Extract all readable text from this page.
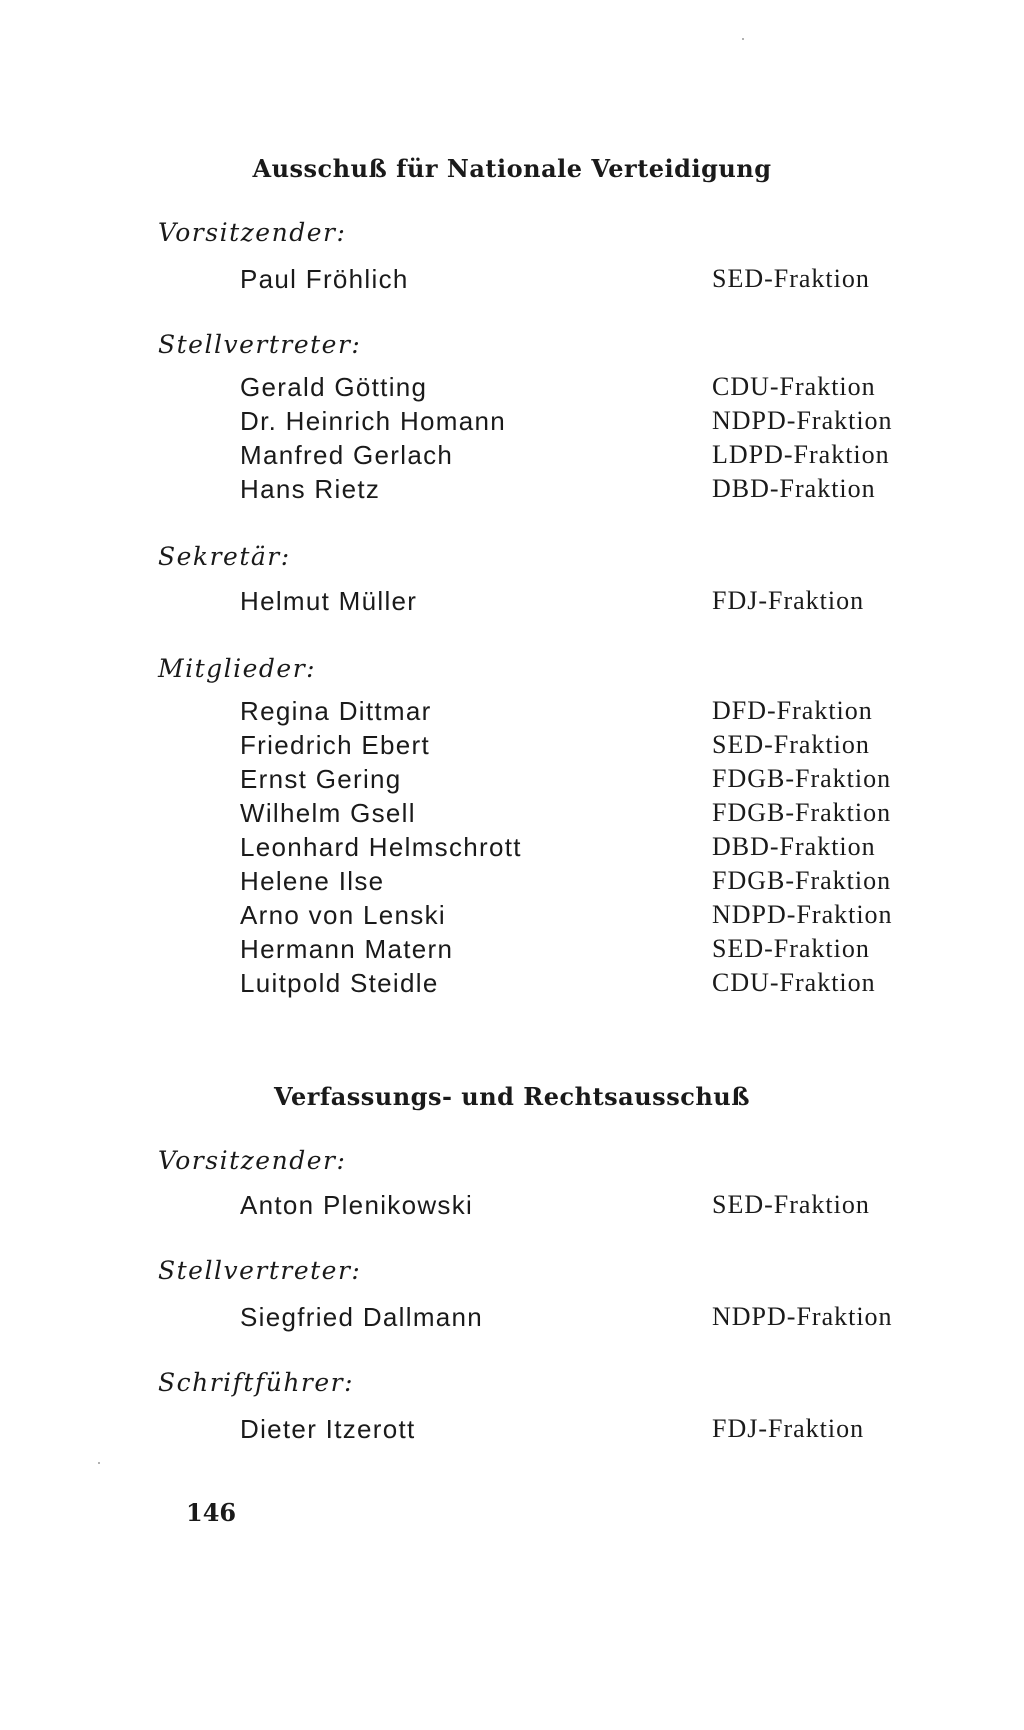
Ausschuß für Nationale Verteidigung
Vorsitzender:
Paul Fröhlich	SED-Fraktion
Stellvertreter:
Gerald Götting	CDU-Fraktion
Dr. Heinrich Homann	NDPD-Fraktion
Manfred Gerlach	LDPD-Fraktion
Hans Rietz	DBD-Fraktion
Sekretär:
Helmut Müller	FDJ-Fraktion
Mitglieder:
Regina Dittmar	DFD-Fraktion
Friedrich Ebert	SED-Fraktion
Ernst Gering	FDGB-Fraktion
Wilhelm Gsell	FDGB-Fraktion
Leonhard Helmschrott	DBD-Fraktion
Helene Ilse	FDGB-Fraktion
Arno von Lenski	NDPD-Fraktion
Hermann Matern	SED-Fraktion
Luitpold Steidle	CDU-Fraktion
Verfassungs- und Rechtsausschuß
Vorsitzender:
Anton Plenikowski	SED-Fraktion
Stellvertreter:
Siegfried Dallmann	NDPD-Fraktion
Schriftführer:
Dieter Itzerott	FDJ-Fraktion
146
